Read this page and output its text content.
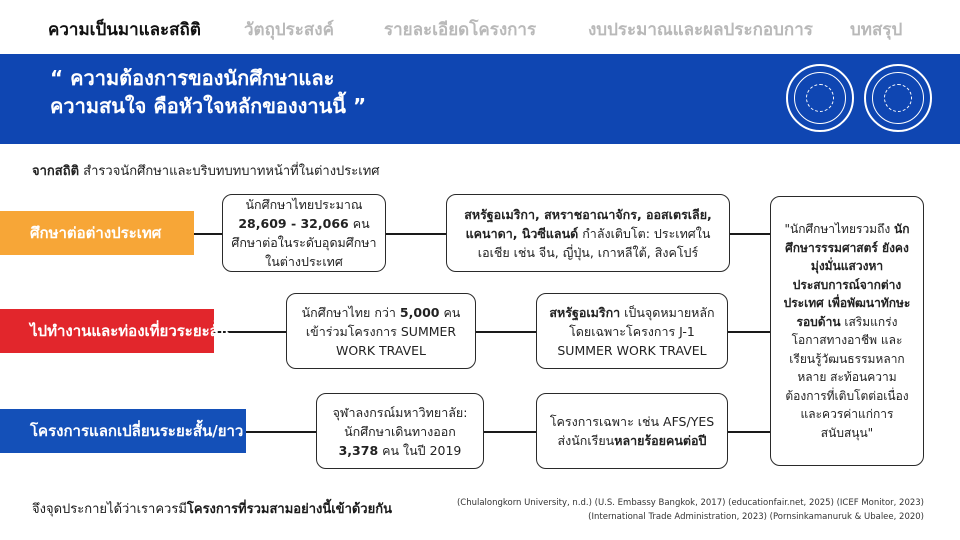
ความเป็นมาและสถิติ	วัตถุประสงค์	รายละเอียดโครงการ	งบประมาณและผลประกอบการ บทสรุป
“ ความต้องการของนักศึกษาและ
ความสนใจ คือหัวใจหลักของงานนี้ ”
จากสถิติ สำรวจนักศึกษาและบริบทบทบาทหน้าที่ในต่างประเทศ
ศึกษาต่อต่างประเทศ
ไปทำงานและท่องเที่ยวระยะสั้น
โครงการแลกเปลี่ยนระยะสั้น/ยาว
นักศึกษาไทยประมาณ 28,609 - 32,066 คน ศึกษาต่อในระดับอุดมศึกษาในต่างประเทศ
สหรัฐอเมริกา, สหราชอาณาจักร, ออสเตรเลีย, แคนาดา, นิวซีแลนด์ กำลังเติบโต: ประเทศในเอเชีย เช่น จีน, ญี่ปุ่น, เกาหลีใต้, สิงคโปร์
นักศึกษาไทย กว่า 5,000 คน เข้าร่วมโครงการ SUMMER WORK TRAVEL
สหรัฐอเมริกา เป็นจุดหมายหลัก โดยเฉพาะโครงการ J-1 SUMMER WORK TRAVEL
จุฬาลงกรณ์มหาวิทยาลัย: นักศึกษาเดินทางออก 3,378 คน ในปี 2019
โครงการเฉพาะ เช่น AFS/YES ส่งนักเรียนหลายร้อยคนต่อปี
"นักศึกษาไทยรวมถึง นักศึกษารรรมศาสตร์ ยังคงมุ่งมั่นแสวงหาประสบการณ์จากต่างประเทศ เพื่อพัฒนาทักษะรอบด้าน เสริมแกร่งโอกาสทางอาชีพ และเรียนรู้วัฒนธรรมหลากหลาย สะท้อนความต้องการที่เติบโตต่อเนื่องและควรค่าแก่การสนับสนุน"
จึงจุดประกายได้ว่าเราควรมีโครงการที่รวมสามอย่างนี้เข้าด้วยกัน	(Chulalongkorn University, n.d.) (U.S. Embassy Bangkok, 2017) (educationfair.net, 2025) (ICEF Monitor, 2023)
(International Trade Administration, 2023) (Pornsinkamanuruk & Ubalee, 2020)
